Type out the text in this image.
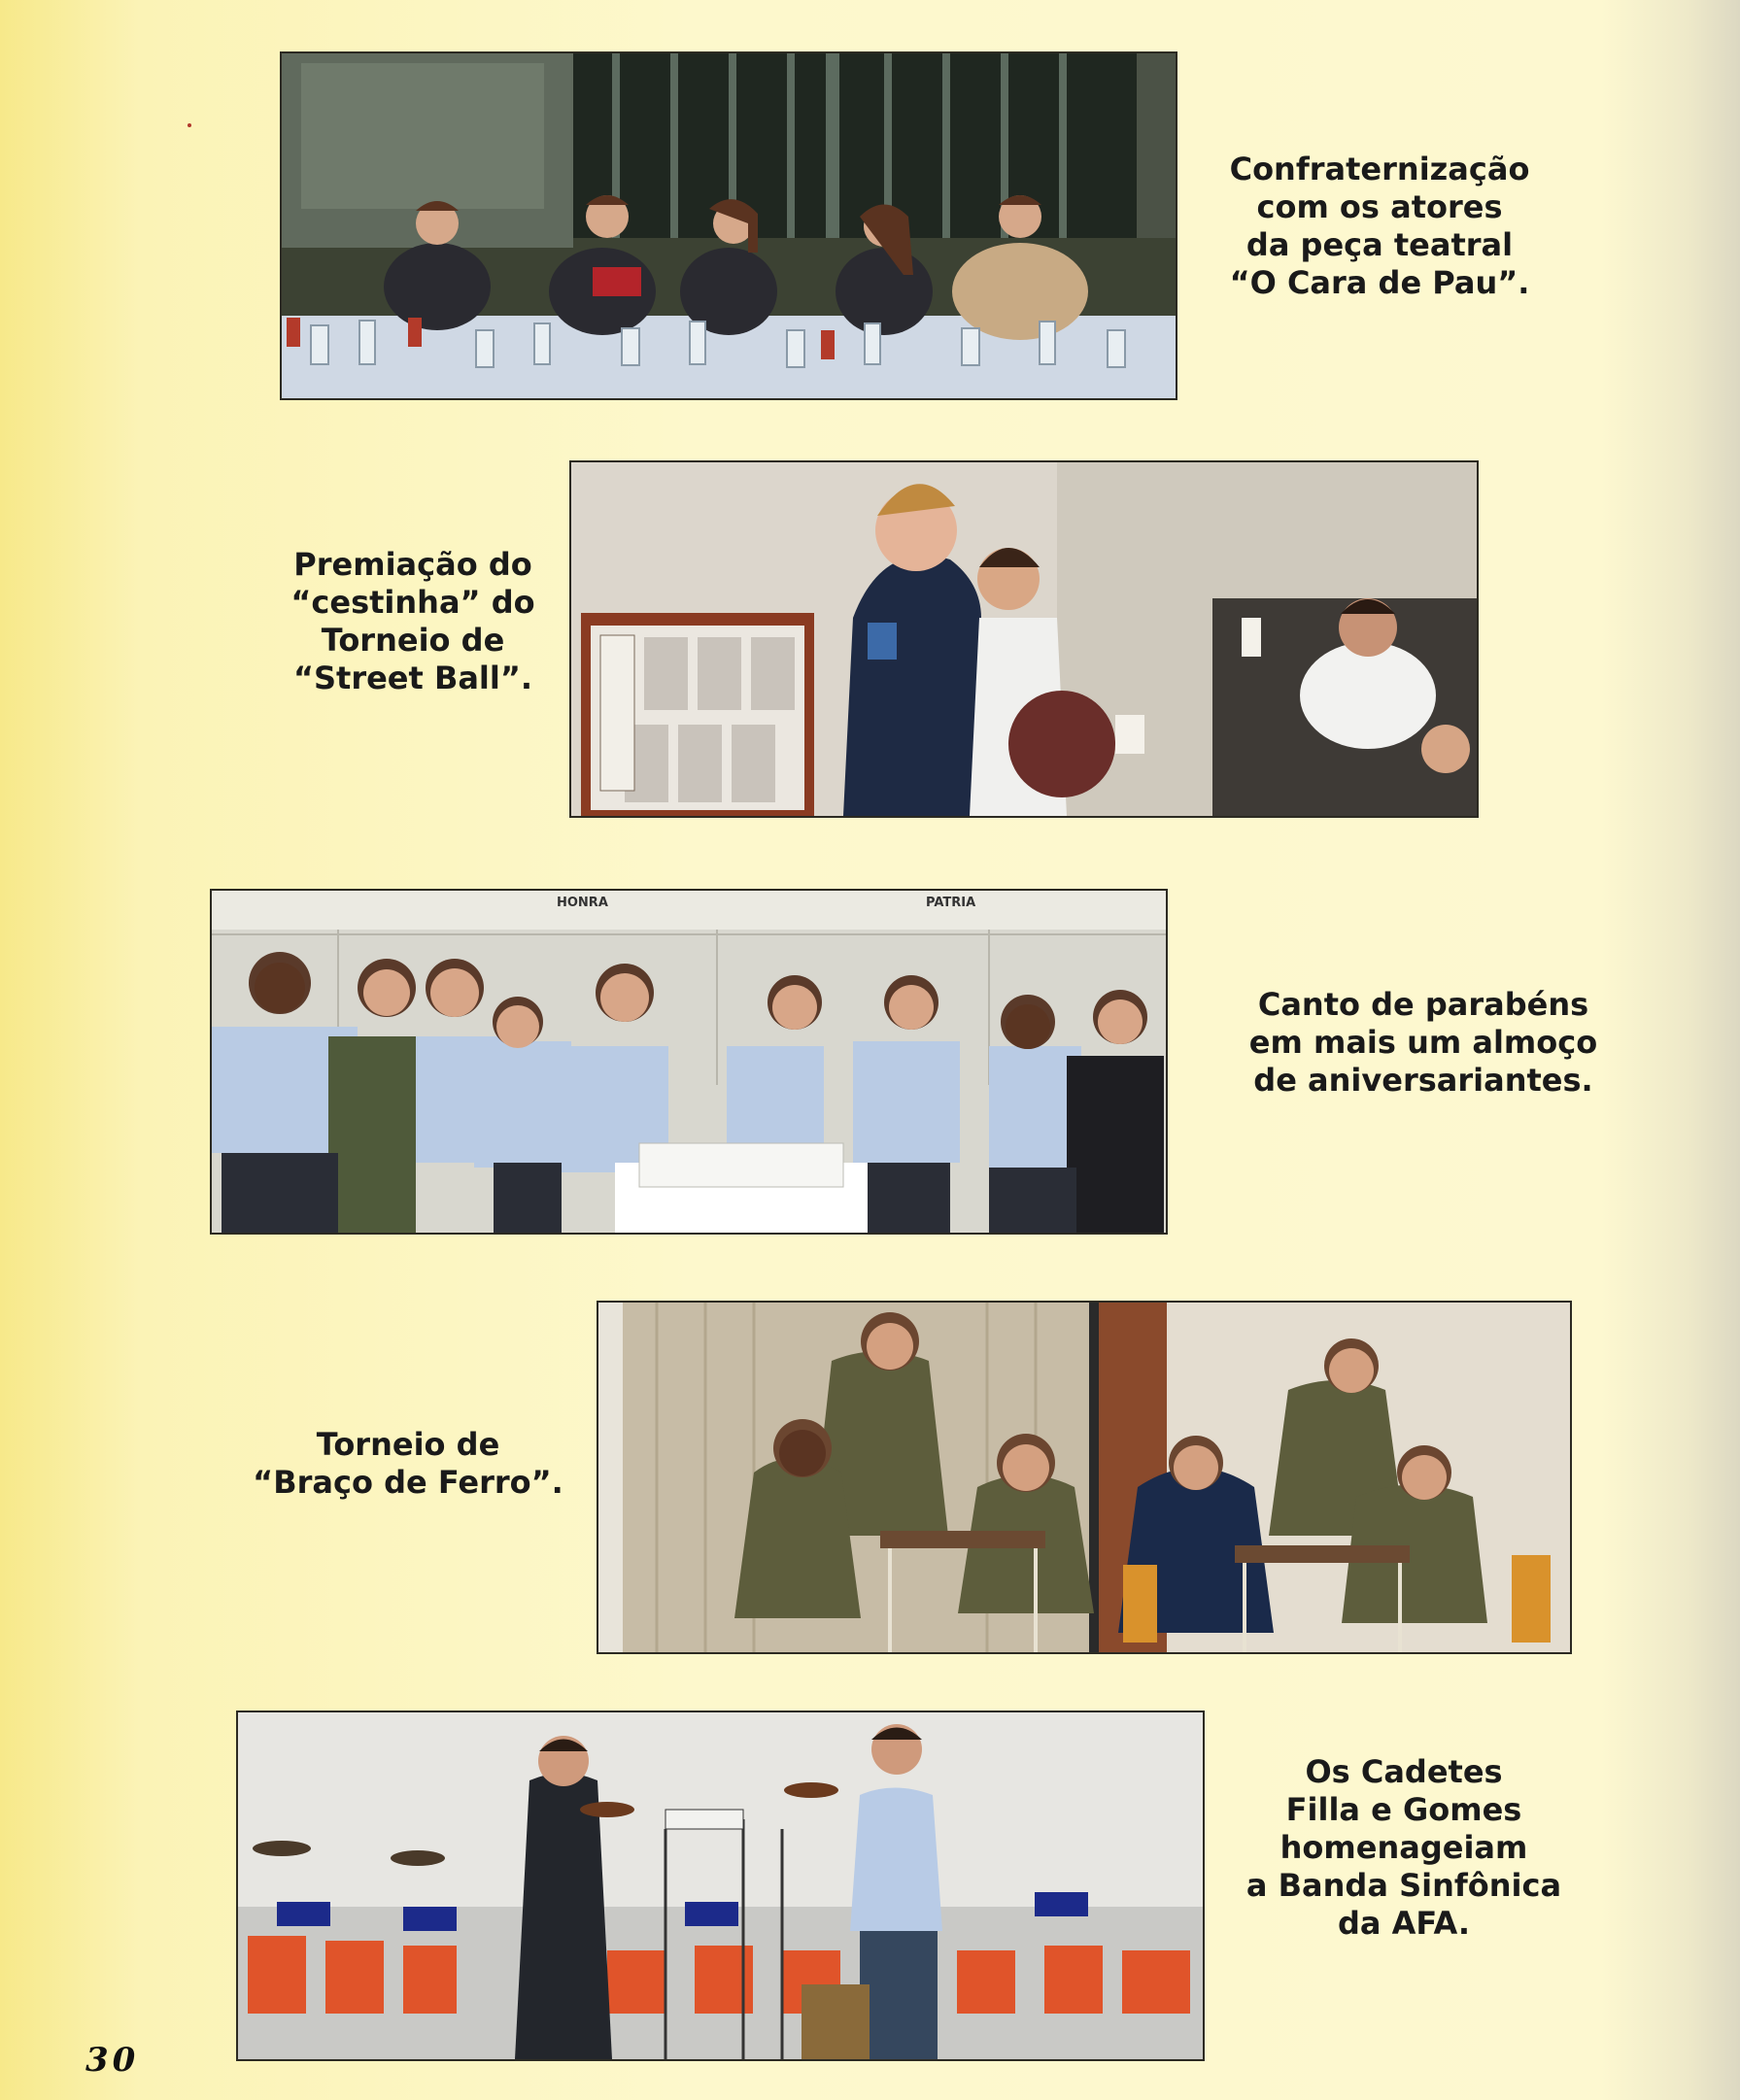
Confraternização
com os atores
da peça teatral
“O Cara de Pau”.
Premiação do
“cestinha” do
Torneio de
“Street Ball”.
HONRA	PATRIA
Canto de parabéns
em mais um almoço
de aniversariantes.
Torneio de
“Braço de Ferro”.
Os Cadetes
Filla e Gomes
homenageiam
a Banda Sinfônica
da AFA.
30
